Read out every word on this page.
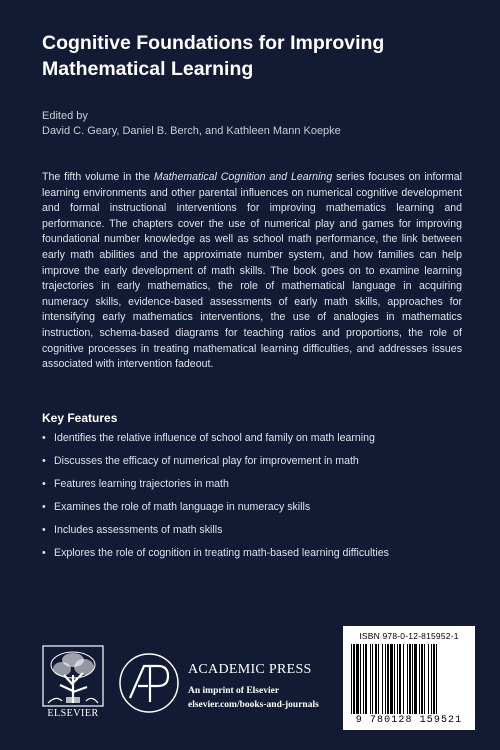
Cognitive Foundations for Improving Mathematical Learning
Edited by
David C. Geary, Daniel B. Berch, and Kathleen Mann Koepke
The fifth volume in the Mathematical Cognition and Learning series focuses on informal learning environments and other parental influences on numerical cognitive development and formal instructional interventions for improving mathematics learning and performance. The chapters cover the use of numerical play and games for improving foundational number knowledge as well as school math performance, the link between early math abilities and the approximate number system, and how families can help improve the early development of math skills. The book goes on to examine learning trajectories in early mathematics, the role of mathematical language in acquiring numeracy skills, evidence-based assessments of early math skills, approaches for intensifying early mathematics interventions, the use of analogies in mathematics instruction, schema-based diagrams for teaching ratios and proportions, the role of cognitive processes in treating mathematical learning difficulties, and addresses issues associated with intervention fadeout.
Key Features
• Identifies the relative influence of school and family on math learning
• Discusses the efficacy of numerical play for improvement in math
• Features learning trajectories in math
• Examines the role of math language in numeracy skills
• Includes assessments of math skills
• Explores the role of cognition in treating math-based learning difficulties
ELSEVIER
ACADEMIC PRESS
An imprint of Elsevier
elsevier.com/books-and-journals
ISBN 978-0-12-815952-1
9 780128 159521
